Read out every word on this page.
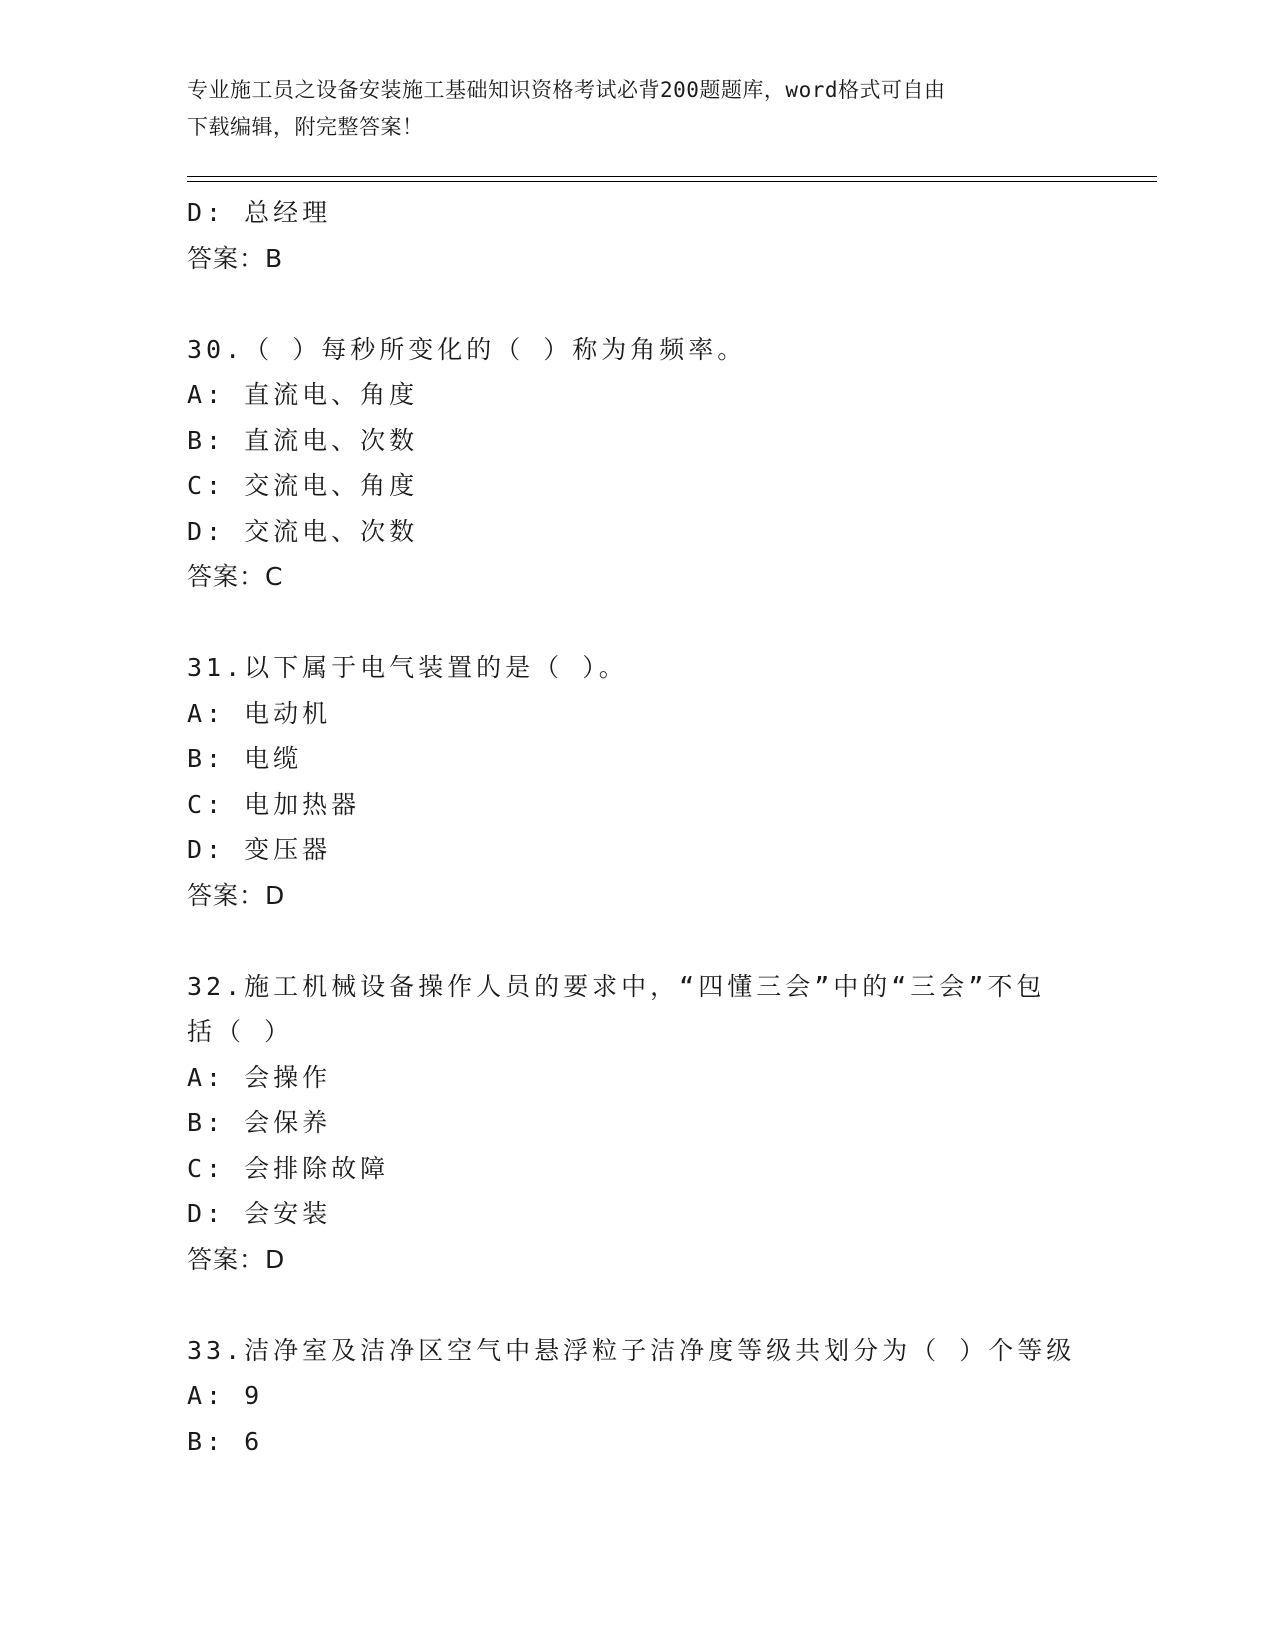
专业施工员之设备安装施工基础知识资格考试必背200题题库，word格式可自由
下载编辑，附完整答案！
D: 总经理
答案：B
30.（ ）每秒所变化的（ ）称为角频率。
A: 直流电、角度
B: 直流电、次数
C: 交流电、角度
D: 交流电、次数
答案：C
31.以下属于电气装置的是（ ）。
A: 电动机
B: 电缆
C: 电加热器
D: 变压器
答案：D
32.施工机械设备操作人员的要求中，“四懂三会”中的“三会”不包
括（ ）
A: 会操作
B: 会保养
C: 会排除故障
D: 会安装
答案：D
33.洁净室及洁净区空气中悬浮粒子洁净度等级共划分为（ ）个等级
A: 9
B: 6
